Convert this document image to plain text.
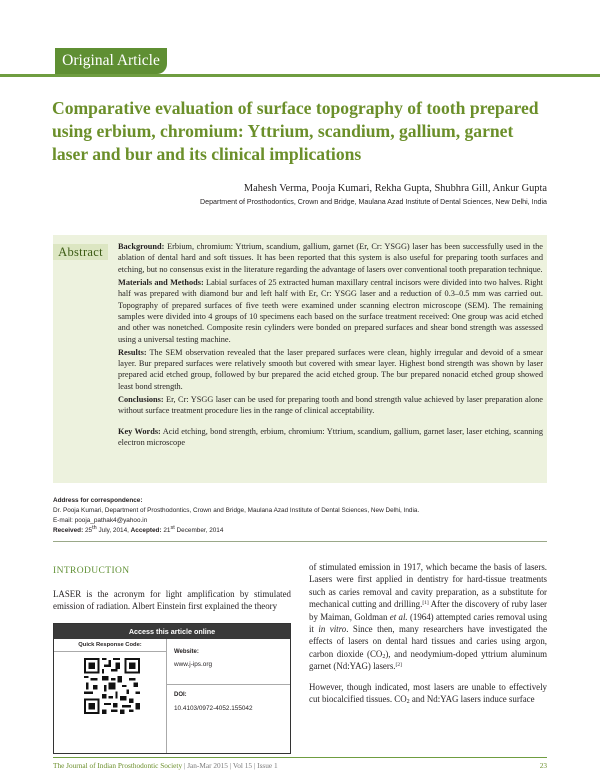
Original Article
Comparative evaluation of surface topography of tooth prepared using erbium, chromium: Yttrium, scandium, gallium, garnet laser and bur and its clinical implications
Mahesh Verma, Pooja Kumari, Rekha Gupta, Shubhra Gill, Ankur Gupta
Department of Prosthodontics, Crown and Bridge, Maulana Azad Institute of Dental Sciences, New Delhi, India
Abstract	Background: Erbium, chromium: Yttrium, scandium, gallium, garnet (Er, Cr: YSGG) laser has been successfully used in the ablation of dental hard and soft tissues. It has been reported that this system is also useful for preparing tooth surfaces and etching, but no consensus exist in the literature regarding the advantage of lasers over conventional tooth preparation technique.

Materials and Methods: Labial surfaces of 25 extracted human maxillary central incisors were divided into two halves. Right half was prepared with diamond bur and left half with Er, Cr: YSGG laser and a reduction of 0.3–0.5 mm was carried out. Topography of prepared surfaces of five teeth were examined under scanning electron microscope (SEM). The remaining samples were divided into 4 groups of 10 specimens each based on the surface treatment received: One group was acid etched and other was nonetched. Composite resin cylinders were bonded on prepared surfaces and shear bond strength was assessed using a universal testing machine.

Results: The SEM observation revealed that the laser prepared surfaces were clean, highly irregular and devoid of a smear layer. Bur prepared surfaces were relatively smooth but covered with smear layer. Highest bond strength was shown by laser prepared acid etched group, followed by bur prepared the acid etched group. The bur prepared nonacid etched group showed least bond strength.

Conclusions: Er, Cr: YSGG laser can be used for preparing tooth and bond strength value achieved by laser preparation alone without surface treatment procedure lies in the range of clinical acceptability.

Key Words: Acid etching, bond strength, erbium, chromium: Yttrium, scandium, gallium, garnet laser, laser etching, scanning electron microscope

Address for correspondence:
Dr. Pooja Kumari, Department of Prosthodontics, Crown and Bridge, Maulana Azad Institute of Dental Sciences, New Delhi, India.
E-mail: pooja_pathak4@yahoo.in
Received: 25th July, 2014, Accepted: 21st December, 2014
INTRODUCTION

LASER is the acronym for light amplification by stimulated emission of radiation. Albert Einstein first explained the theory

Access this article online
Quick Response Code:
Website:
www.j-ips.org
DOI:
10.4103/0972-4052.155042

of stimulated emission in 1917, which became the basis of lasers. Lasers were first applied in dentistry for hard-tissue treatments such as caries removal and cavity preparation, as a substitute for mechanical cutting and drilling.[1] After the discovery of ruby laser by Maiman, Goldman et al. (1964) attempted caries removal using it in vitro. Since then, many researchers have investigated the effects of lasers on dental hard tissues and caries using argon, carbon dioxide $(CO_2)$, and neodymium-doped yttrium aluminum garnet (Nd:YAG) lasers.[2]

However, though indicated, most lasers are unable to effectively cut biocalcified tissues. $CO_2$ and Nd:YAG lasers induce surface

The Journal of Indian Prosthodontic Society | Jan-Mar 2015 | Vol 15 | Issue 1	23
